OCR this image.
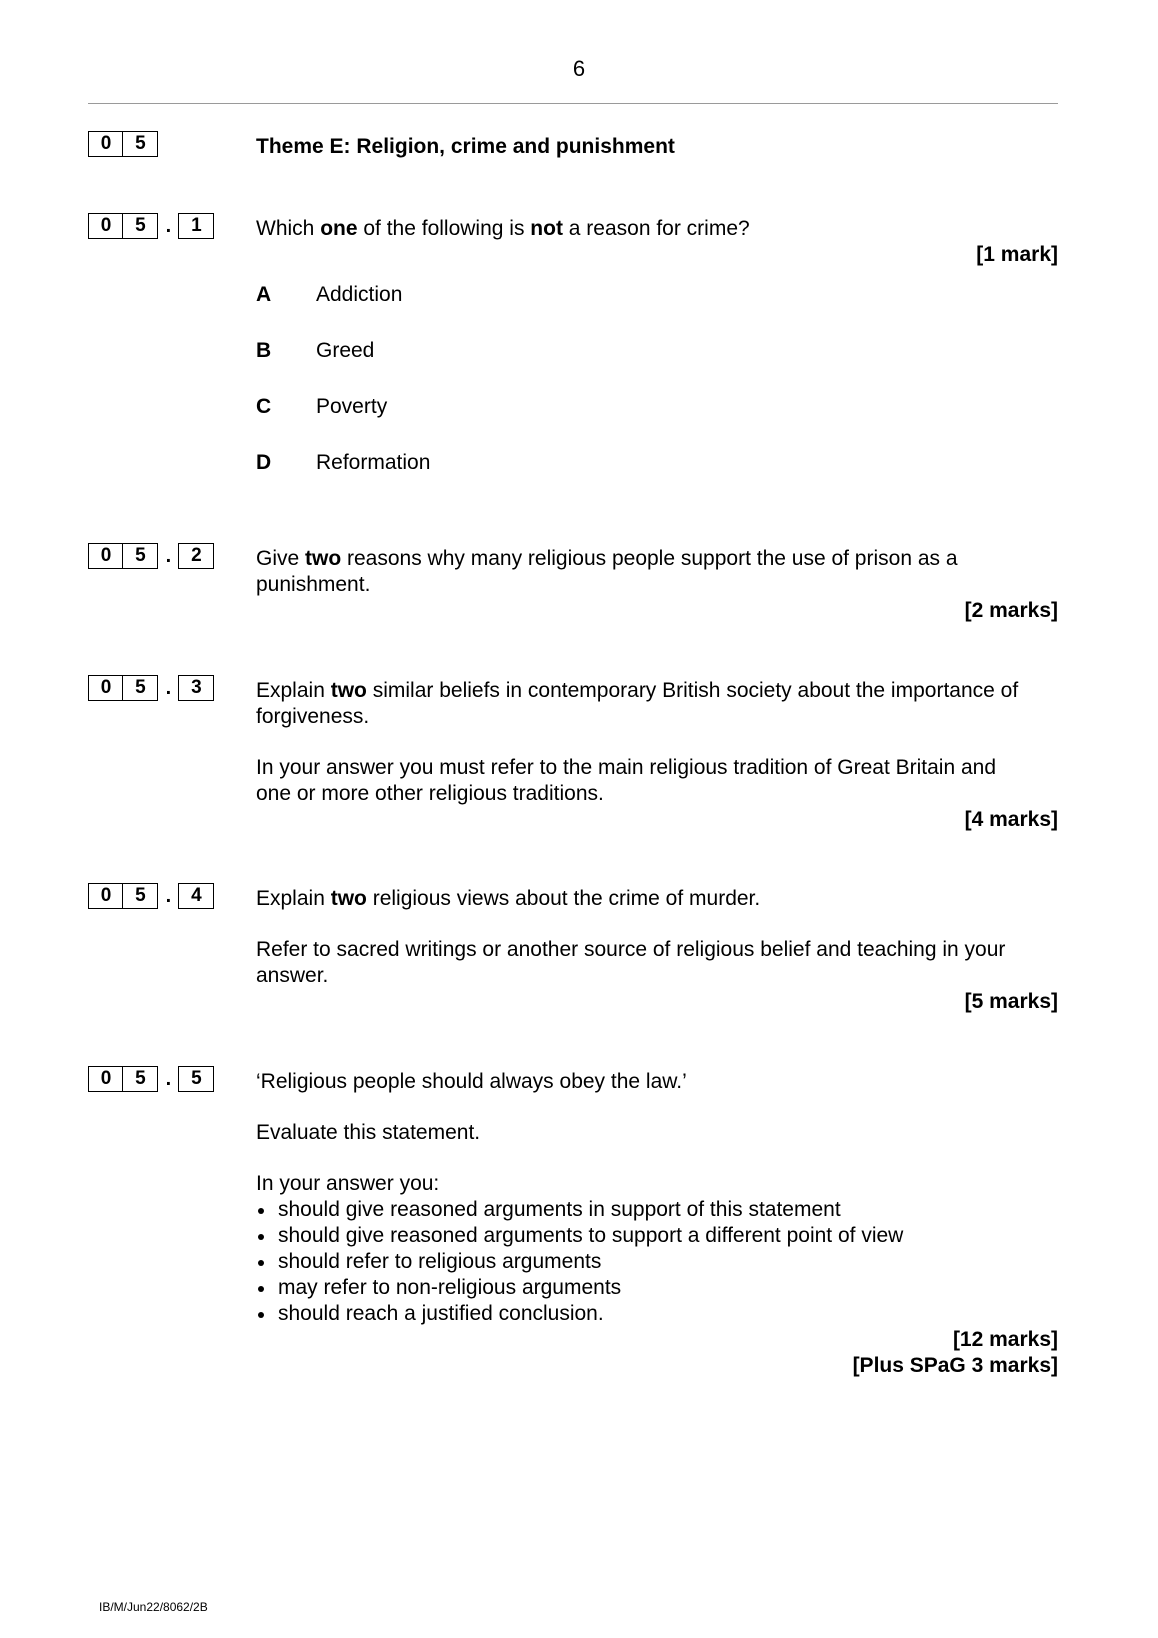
6
0	5	Theme E: Religion, crime and punishment
0	5 .	1	Which one of the following is not a reason for crime?
[1 mark]
A Addiction
B Greed
C Poverty
D Reformation
0	5 .	2	Give two reasons why many religious people support the use of prison as a
punishment.
[2 marks]
0	5 .	3	Explain two similar beliefs in contemporary British society about the importance of
forgiveness.
In your answer you must refer to the main religious tradition of Great Britain and
one or more other religious traditions.
[4 marks]
0	5 .	4	Explain two religious views about the crime of murder.
Refer to sacred writings or another source of religious belief and teaching in your
answer.
[5 marks]
0	5 .	5	‘Religious people should always obey the law.’
Evaluate this statement.
In your answer you:
should give reasoned arguments in support of this statement
should give reasoned arguments to support a different point of view
should refer to religious arguments
may refer to non-religious arguments
should reach a justified conclusion.
[12 marks]
[Plus SPaG 3 marks]
IB/M/Jun22/8062/2B
